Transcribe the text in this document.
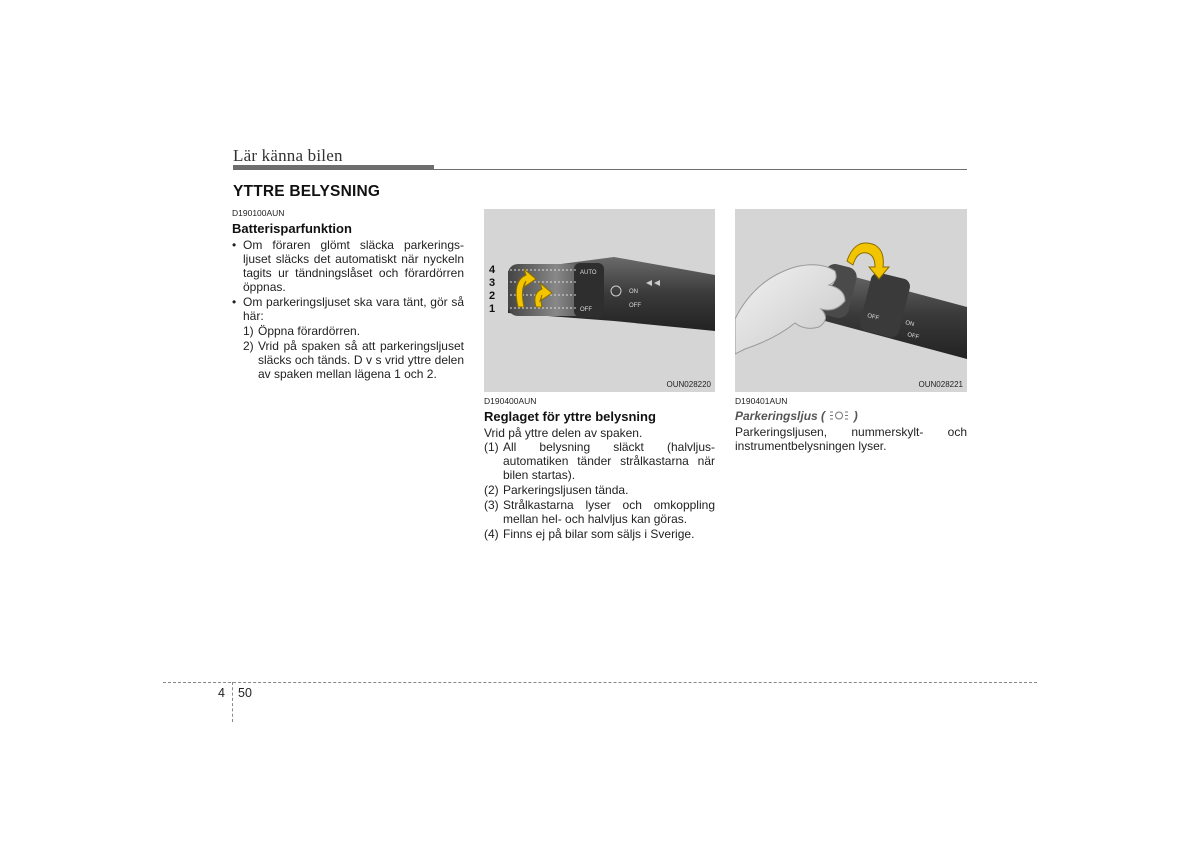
Lär känna bilen
YTTRE BELYSNING
D190100AUN
Batterisparfunktion
• Om föraren glömt släcka parkerings- ljuset släcks det automatiskt när nyckeln tagits ur tändningslåset och förardörren öppnas.
• Om parkeringsljuset ska vara tänt, gör så här:
1) Öppna förardörren.
2) Vrid på spaken så att parkeringsljuset släcks och tänds. D v s vrid yttre delen av spaken mellan lägena 1 och 2.
AUTO
OFF
ON
OFF
4
3
2
1
OUN028220
ON
OFF
OFF
OUN028221
D190400AUN
Reglaget för yttre belysning
Vrid på yttre delen av spaken.
(1) All belysning släckt (halvljus- automatiken tänder strålkastarna när bilen startas).
(2) Parkeringsljusen tända.
(3) Strålkastarna lyser och omkoppling mellan hel- och halvljus kan göras.
(4) Finns ej på bilar som säljs i Sverige.
D190401AUN
Parkeringsljus ( )
Parkeringsljusen, nummerskylt- och instrumentbelysningen lyser.
4 50
